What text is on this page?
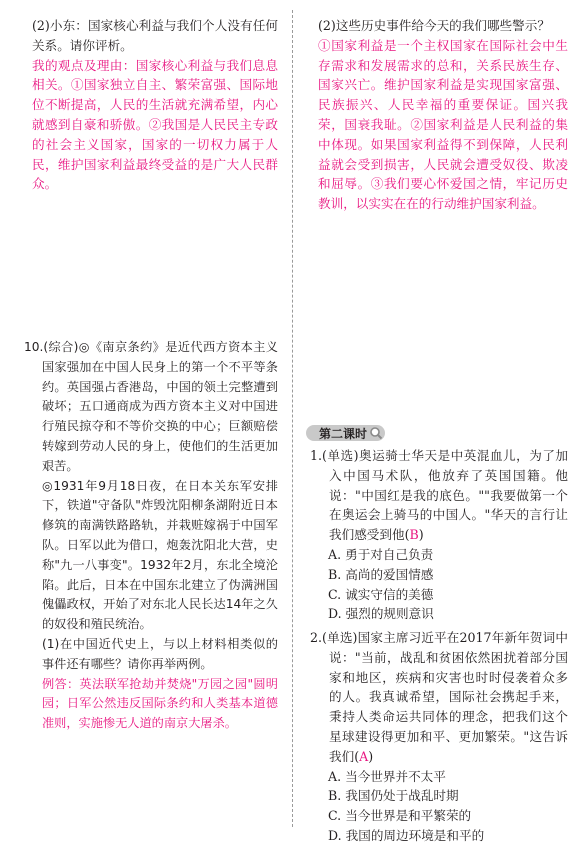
(2)小东：国家核心利益与我们个人没有任何关系。请你评析。

我的观点及理由：国家核心利益与我们息息相关。①国家独立自主、繁荣富强、国际地位不断提高，人民的生活就充满希望，内心就感到自豪和骄傲。②我国是人民民主专政的社会主义国家，国家的一切权力属于人民，维护国家利益最终受益的是广大人民群众。

10.(综合)◎《南京条约》是近代西方资本主义国家强加在中国人民身上的第一个不平等条约。英国强占香港岛，中国的领土完整遭到破坏；五口通商成为西方资本主义对中国进行殖民掠夺和不等价交换的中心；巨额赔偿转嫁到劳动人民的身上，使他们的生活更加艰苦。

◎1931年9月18日夜，在日本关东军安排下，铁道"守备队"炸毁沈阳柳条湖附近日本修筑的南满铁路路轨，并栽赃嫁祸于中国军队。日军以此为借口，炮轰沈阳北大营，史称"九一八事变"。1932年2月，东北全境沦陷。此后，日本在中国东北建立了伪满洲国傀儡政权，开始了对东北人民长达14年之久的奴役和殖民统治。

(1)在中国近代史上，与以上材料相类似的事件还有哪些？请你再举两例。

例答：英法联军抢劫并焚烧"万园之园"圆明园；日军公然违反国际条约和人类基本道德准则，实施惨无人道的南京大屠杀。

(2)这些历史事件给今天的我们哪些警示？

①国家利益是一个主权国家在国际社会中生存需求和发展需求的总和，关系民族生存、国家兴亡。维护国家利益是实现国家富强、民族振兴、人民幸福的重要保证。国兴我荣，国衰我耻。②国家利益是人民利益的集中体现。如果国家利益得不到保障，人民利益就会受到损害，人民就会遭受奴役、欺凌和屈辱。③我们要心怀爱国之情，牢记历史教训，以实实在在的行动维护国家利益。

第二课时

1.(单选)奥运骑士华天是中英混血儿，为了加入中国马术队，他放弃了英国国籍。他说："中国红是我的底色。""我要做第一个在奥运会上骑马的中国人。"华天的言行让我们感受到他(B)

A. 勇于对自己负责

B. 高尚的爱国情感

C. 诚实守信的美德

D. 强烈的规则意识

2.(单选)国家主席习近平在2017年新年贺词中说："当前，战乱和贫困依然困扰着部分国家和地区，疾病和灾害也时时侵袭着众多的人。我真诚希望，国际社会携起手来，秉持人类命运共同体的理念，把我们这个星球建设得更加和平、更加繁荣。"这告诉我们(A)

A. 当今世界并不太平

B. 我国仍处于战乱时期

C. 当今世界是和平繁荣的

D. 我国的周边环境是和平的
